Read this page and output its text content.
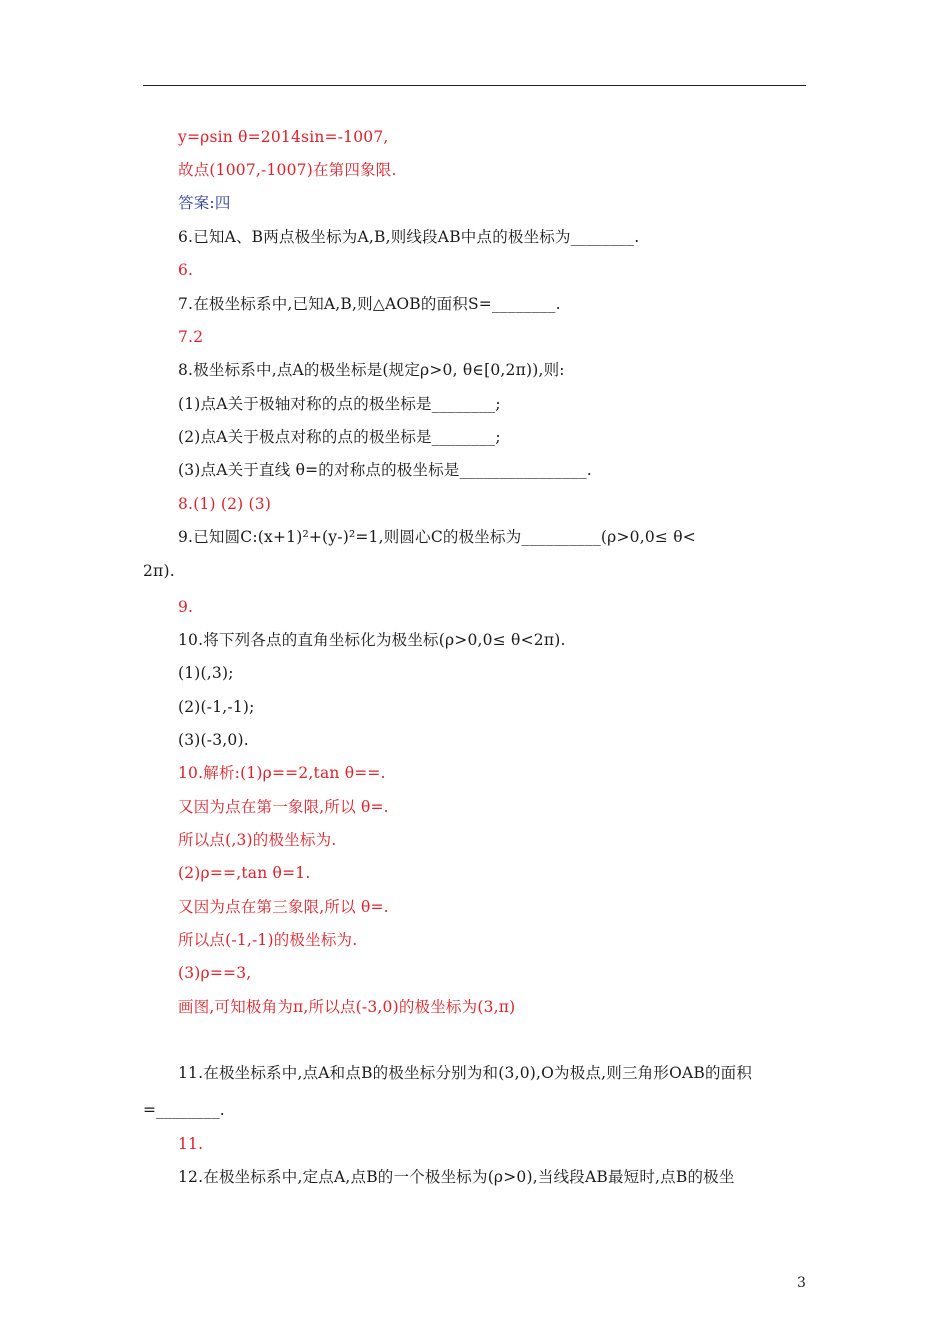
y=ρsin θ=2014sin=-1007,
故点(1007,-1007)在第四象限.
答案:四
6.已知A、B两点极坐标为A,B,则线段AB中点的极坐标为________.
6.
7.在极坐标系中,已知A,B,则△AOB的面积S=________.
7.2
8.极坐标系中,点A的极坐标是(规定ρ>0, θ∈[0,2π)),则:
(1)点A关于极轴对称的点的极坐标是________;
(2)点A关于极点对称的点的极坐标是________;
(3)点A关于直线 θ=的对称点的极坐标是________________.
8.(1) (2) (3)
9.已知圆C:(x+1)²+(y-)²=1,则圆心C的极坐标为__________(ρ>0,0≤ θ<
2π).
9.
10.将下列各点的直角坐标化为极坐标(ρ>0,0≤ θ<2π).
(1)(,3);
(2)(-1,-1);
(3)(-3,0).
10.解析:(1)ρ==2,tan θ==.
又因为点在第一象限,所以 θ=.
所以点(,3)的极坐标为.
(2)ρ==,tan θ=1.
又因为点在第三象限,所以 θ=.
所以点(-1,-1)的极坐标为.
(3)ρ==3,
画图,可知极角为π,所以点(-3,0)的极坐标为(3,π)
11.在极坐标系中,点A和点B的极坐标分别为和(3,0),O为极点,则三角形OAB的面积
=________.
11.
12.在极坐标系中,定点A,点B的一个极坐标为(ρ>0),当线段AB最短时,点B的极坐
3
